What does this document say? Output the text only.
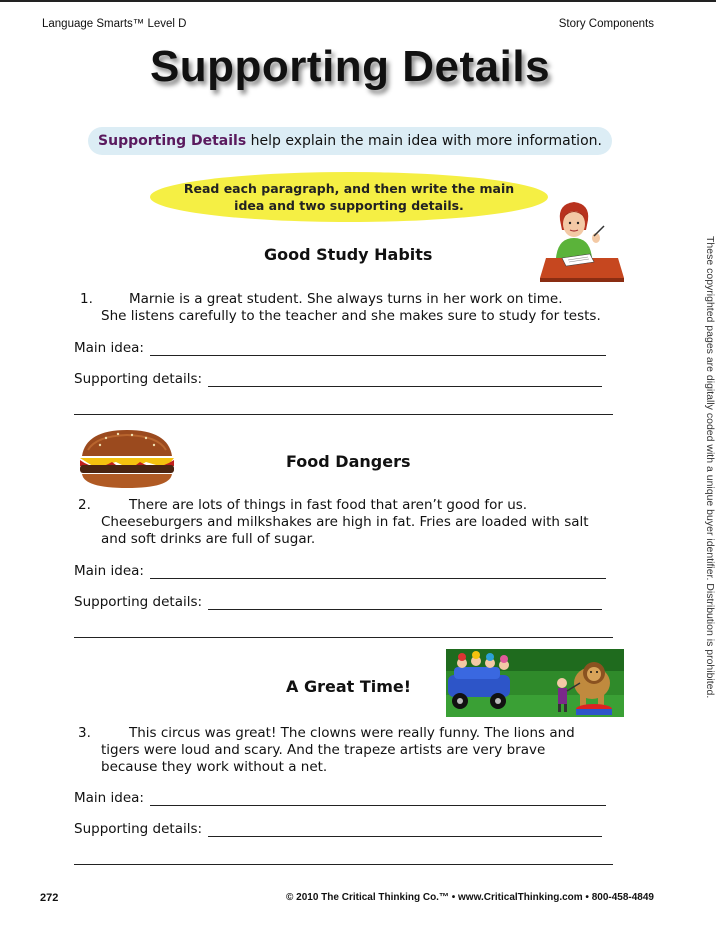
Language Smarts™ Level D	Story Components
Supporting Details
Supporting Details help explain the main idea with more information.
Read each paragraph, and then write the main
idea and two supporting details.
Good Study Habits
1.	Marnie is a great student. She always turns in her work on time.
She listens carefully to the teacher and she makes sure to study for tests.
Main idea:
Supporting details:
Food Dangers
2.	There are lots of things in fast food that aren’t good for us.
Cheeseburgers and milkshakes are high in fat. Fries are loaded with salt
and soft drinks are full of sugar.
Main idea:
Supporting details:
A Great Time!
3.	This circus was great! The clowns were really funny. The lions and
tigers were loud and scary. And the trapeze artists are very brave
because they work without a net.
Main idea:
Supporting details:
These copyrighted pages are digitally coded with a unique buyer identifier. Distribution is prohibited.
272	© 2010 The Critical Thinking Co.™ • www.CriticalThinking.com • 800-458-4849
